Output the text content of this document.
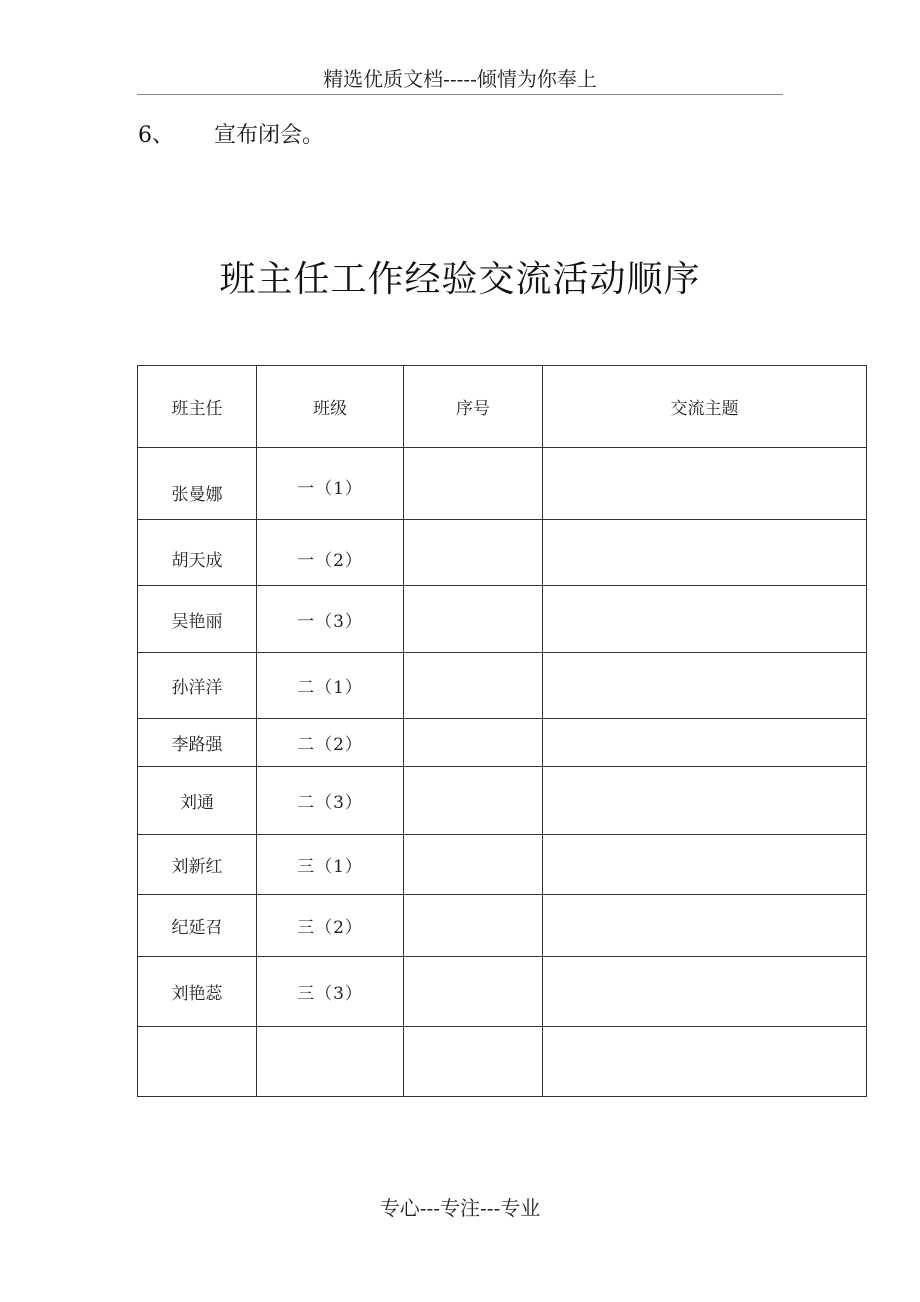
精选优质文档-----倾情为你奉上
6、 宣布闭会。
班主任工作经验交流活动顺序
班主任	班级	序号	交流主题
张曼娜	一（1）		
胡天成	一（2）		
吴艳丽	一（3）		
孙洋洋	二（1）		
李路强	二（2）		
刘通	二（3）		
刘新红	三（1）		
纪延召	三（2）		
刘艳蕊	三（3）		

专心---专注---专业
